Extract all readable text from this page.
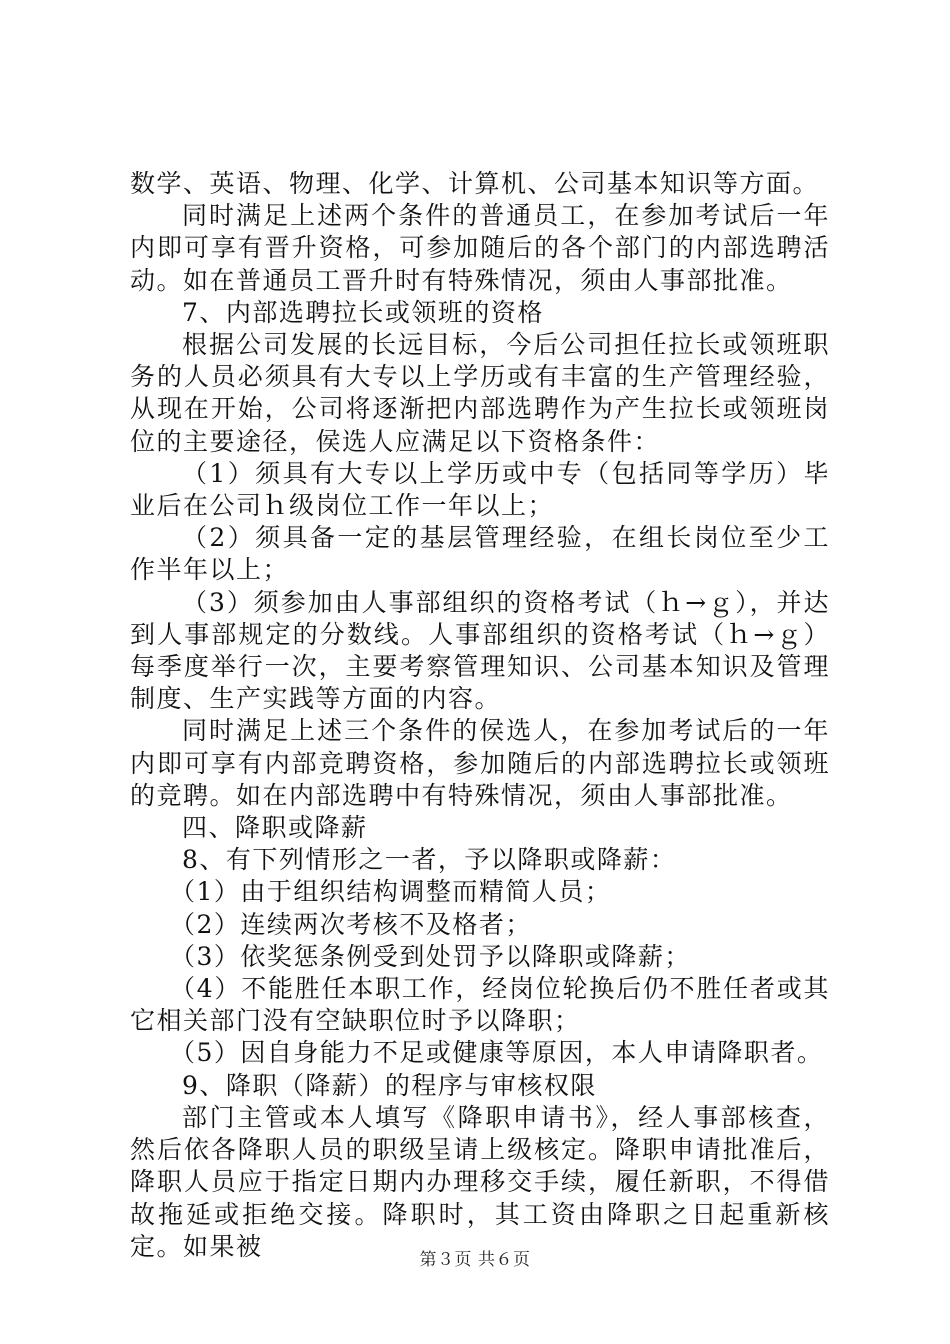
数学、英语、物理、化学、计算机、公司基本知识等方面。

同时满足上述两个条件的普通员工，在参加考试后一年内即可享有晋升资格，可参加随后的各个部门的内部选聘活动。如在普通员工晋升时有特殊情况，须由人事部批准。

7、内部选聘拉长或领班的资格

根据公司发展的长远目标，今后公司担任拉长或领班职务的人员必须具有大专以上学历或有丰富的生产管理经验，从现在开始，公司将逐渐把内部选聘作为产生拉长或领班岗位的主要途径，侯选人应满足以下资格条件：

（1）须具有大专以上学历或中专（包括同等学历）毕业后在公司ｈ级岗位工作一年以上；

（2）须具备一定的基层管理经验，在组长岗位至少工作半年以上；

（3）须参加由人事部组织的资格考试（ｈ→ｇ），并达到人事部规定的分数线。人事部组织的资格考试（ｈ→ｇ）每季度举行一次，主要考察管理知识、公司基本知识及管理制度、生产实践等方面的内容。

同时满足上述三个条件的侯选人，在参加考试后的一年内即可享有内部竞聘资格，参加随后的内部选聘拉长或领班的竞聘。如在内部选聘中有特殊情况，须由人事部批准。

四、降职或降薪

8、有下列情形之一者，予以降职或降薪：

（1）由于组织结构调整而精简人员；

（2）连续两次考核不及格者；

（3）依奖惩条例受到处罚予以降职或降薪；

（4）不能胜任本职工作，经岗位轮换后仍不胜任者或其它相关部门没有空缺职位时予以降职；

（5）因自身能力不足或健康等原因，本人申请降职者。

9、降职（降薪）的程序与审核权限

部门主管或本人填写《降职申请书》，经人事部核查，然后依各降职人员的职级呈请上级核定。降职申请批准后，降职人员应于指定日期内办理移交手续，履任新职，不得借故拖延或拒绝交接。降职时，其工资由降职之日起重新核定。如果被	第３页 共６页
